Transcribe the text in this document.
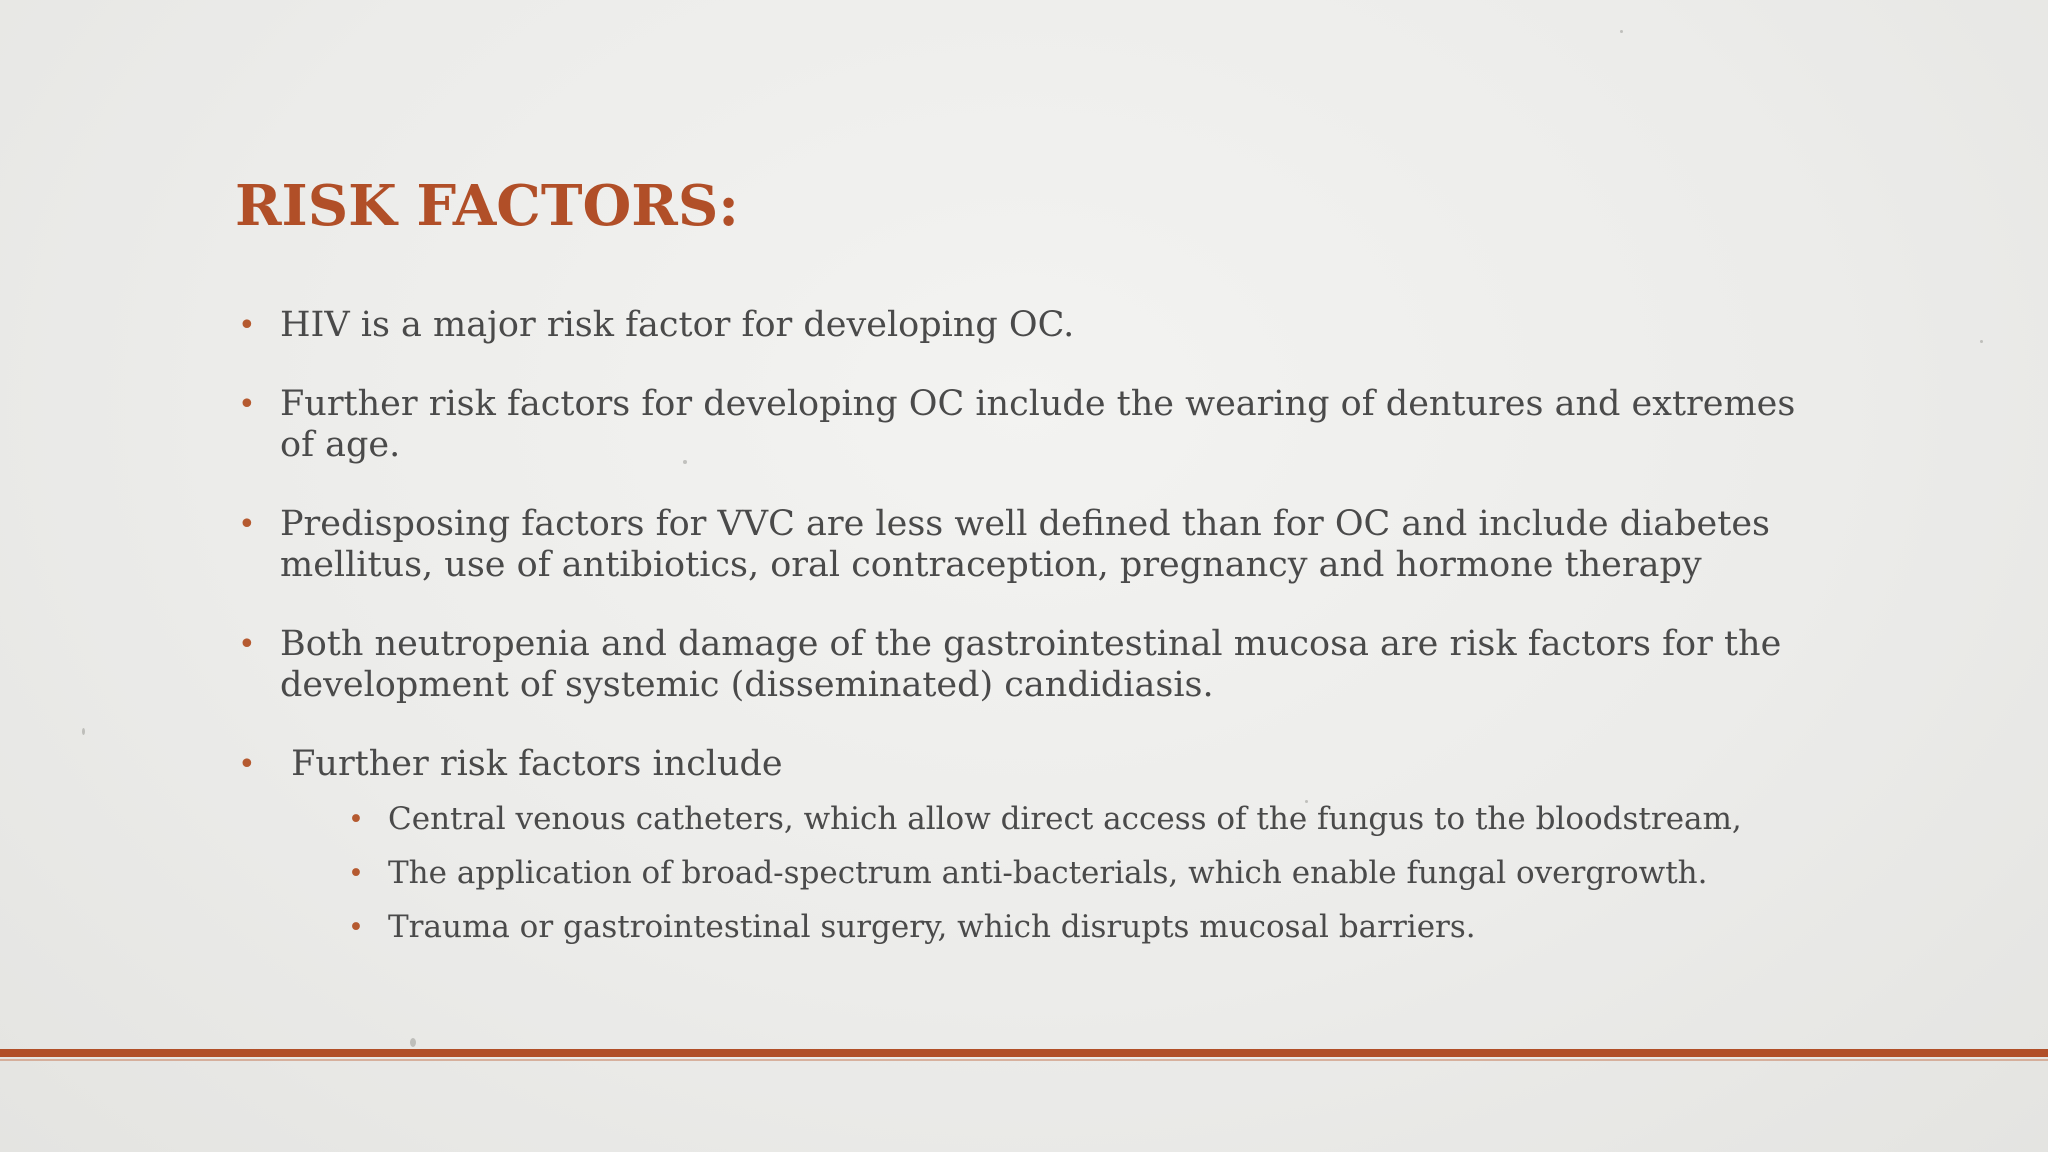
RISK FACTORS:
• HIV is a major risk factor for developing OC.
• Further risk factors for developing OC include the wearing of dentures and extremes of age.
• Predisposing factors for VVC are less well defined than for OC and include diabetes mellitus, use of antibiotics, oral contraception, pregnancy and hormone therapy
• Both neutropenia and damage of the gastrointestinal mucosa are risk factors for the development of systemic (disseminated) candidiasis.
• Further risk factors include
• Central venous catheters, which allow direct access of the fungus to the bloodstream,
• The application of broad-spectrum anti-bacterials, which enable fungal overgrowth.
• Trauma or gastrointestinal surgery, which disrupts mucosal barriers.
